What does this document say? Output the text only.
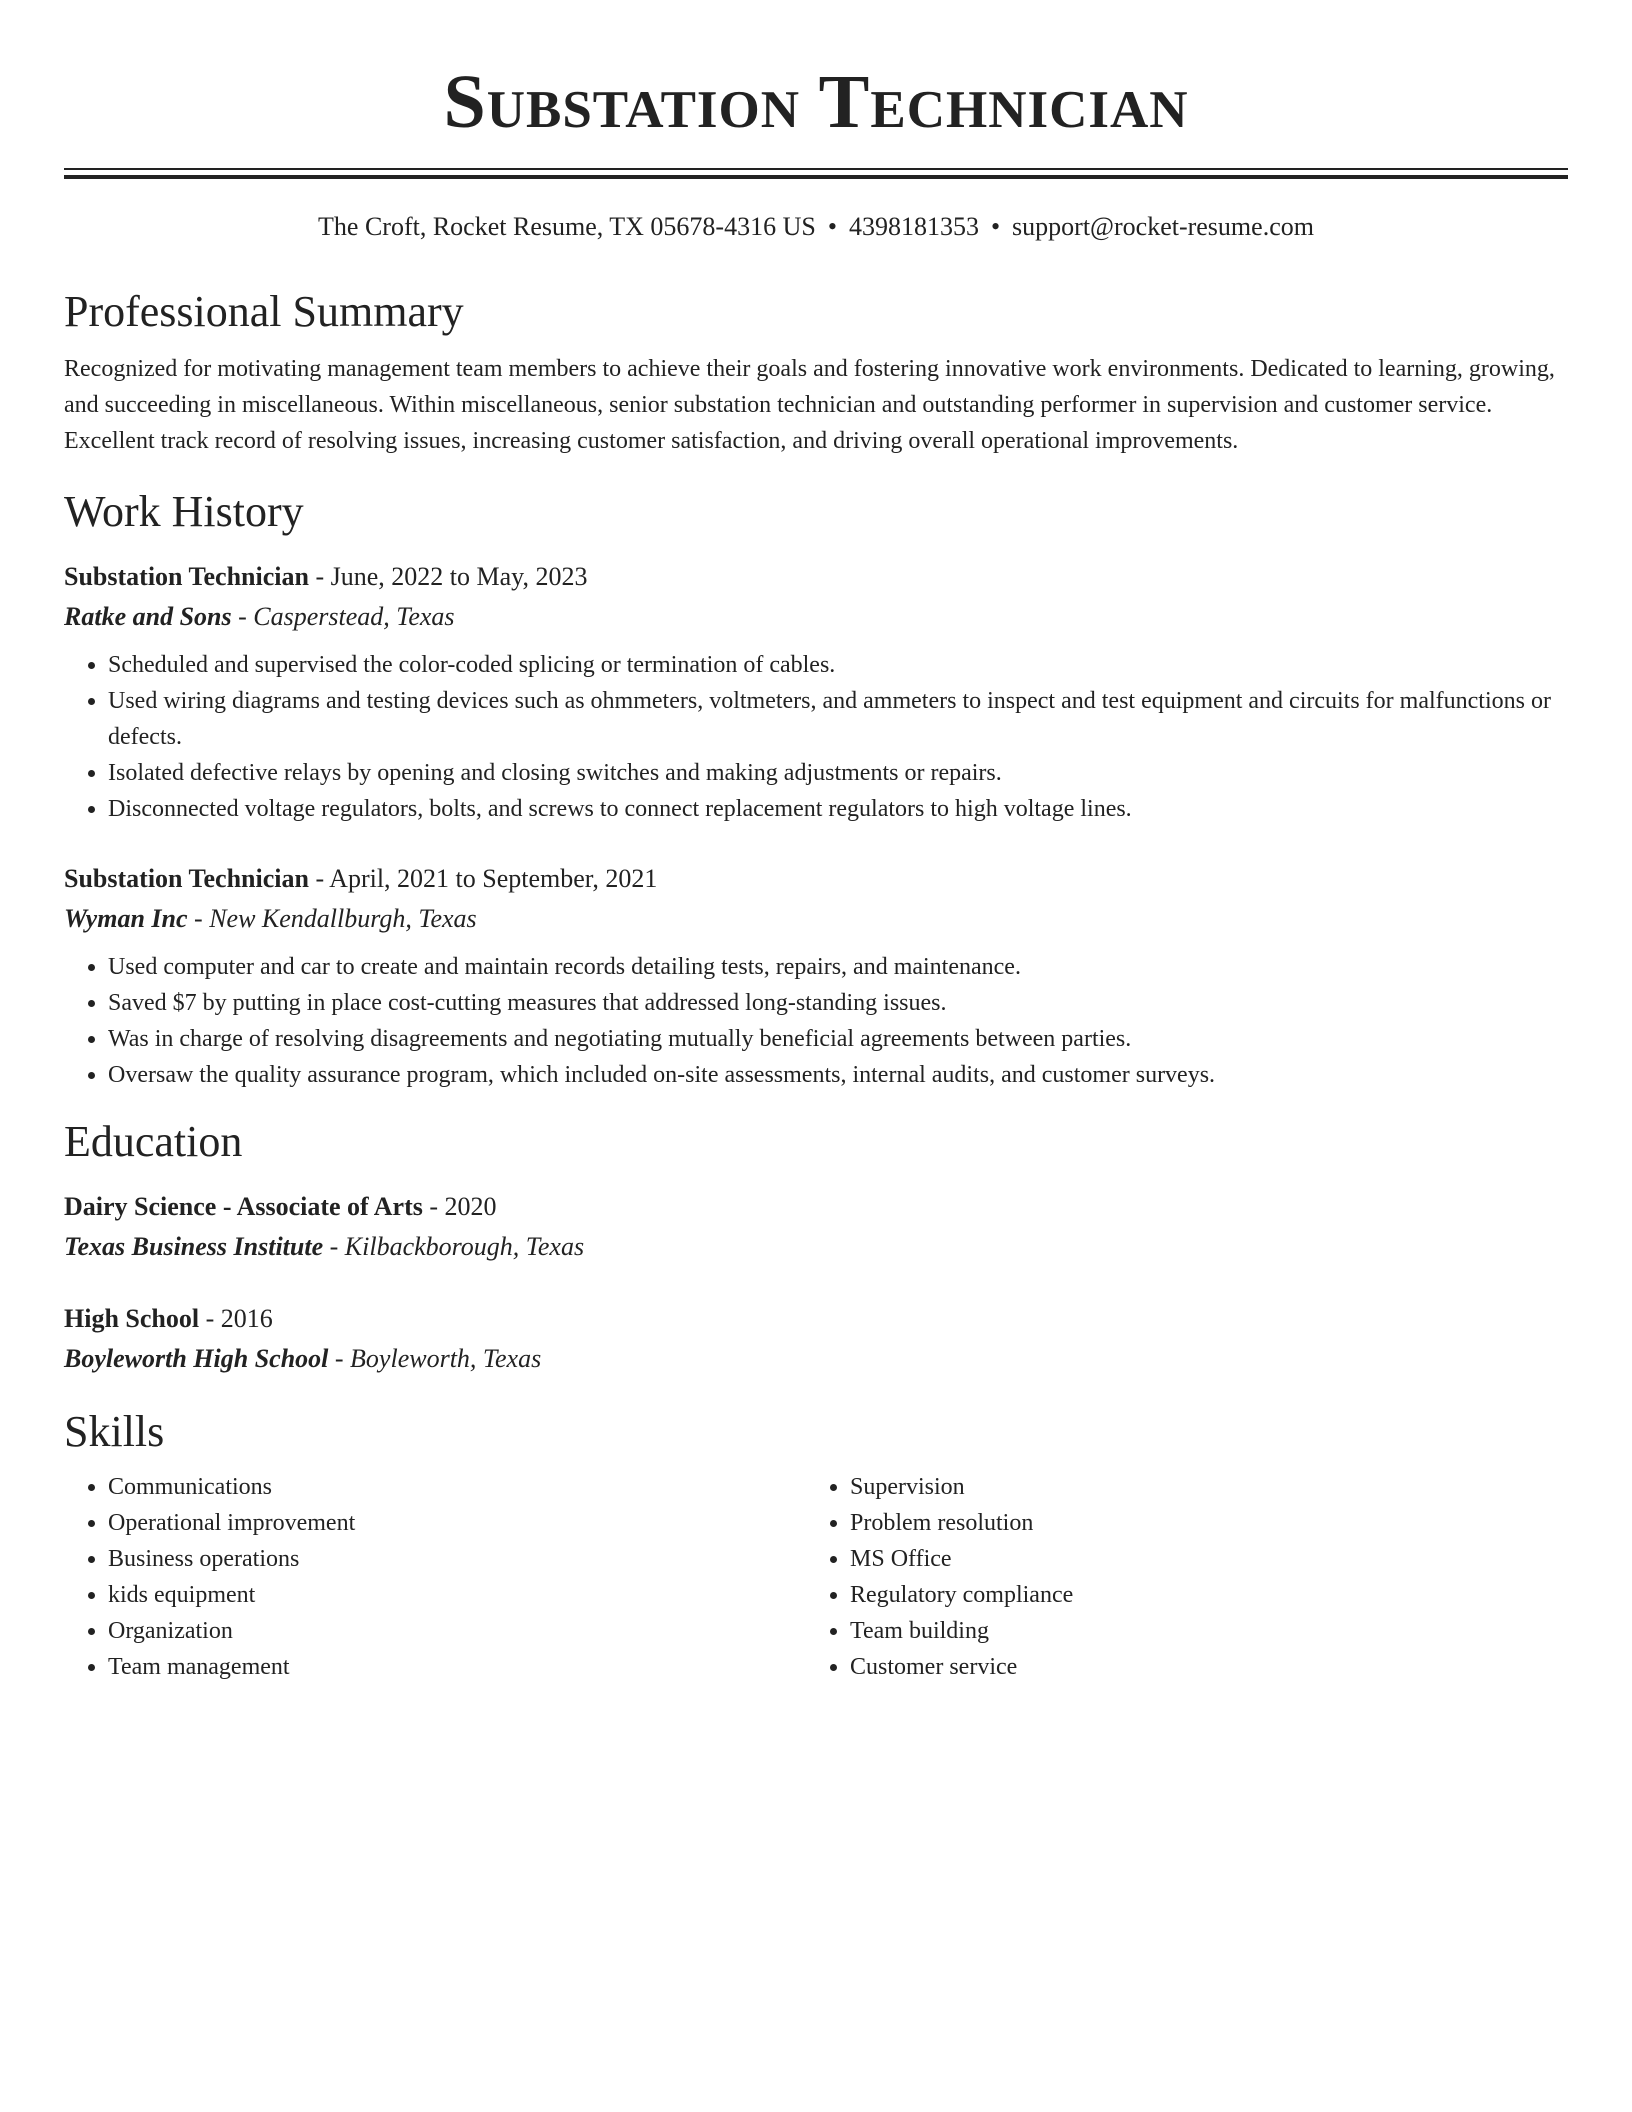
Substation Technician
The Croft, Rocket Resume, TX 05678-4316 US • 4398181353 • support@rocket-resume.com
Professional Summary

Recognized for motivating management team members to achieve their goals and fostering innovative work environments. Dedicated to learning, growing, and succeeding in miscellaneous. Within miscellaneous, senior substation technician and outstanding performer in supervision and customer service. Excellent track record of resolving issues, increasing customer satisfaction, and driving overall operational improvements.

Work History
Substation Technician - June, 2022 to May, 2023
Ratke and Sons - Casperstead, Texas
• Scheduled and supervised the color-coded splicing or termination of cables.
• Used wiring diagrams and testing devices such as ohmmeters, voltmeters, and ammeters to inspect and test equipment and circuits for malfunctions or defects.
• Isolated defective relays by opening and closing switches and making adjustments or repairs.
• Disconnected voltage regulators, bolts, and screws to connect replacement regulators to high voltage lines.
Substation Technician - April, 2021 to September, 2021
Wyman Inc - New Kendallburgh, Texas
• Used computer and car to create and maintain records detailing tests, repairs, and maintenance.
• Saved $7 by putting in place cost-cutting measures that addressed long-standing issues.
• Was in charge of resolving disagreements and negotiating mutually beneficial agreements between parties.
• Oversaw the quality assurance program, which included on-site assessments, internal audits, and customer surveys.
Education
Dairy Science - Associate of Arts - 2020
Texas Business Institute - Kilbackborough, Texas
High School - 2016
Boyleworth High School - Boyleworth, Texas
Skills
• Communications
• Operational improvement
• Business operations
• kids equipment
• Organization
• Team management
• Supervision
• Problem resolution
• MS Office
• Regulatory compliance
• Team building
• Customer service
